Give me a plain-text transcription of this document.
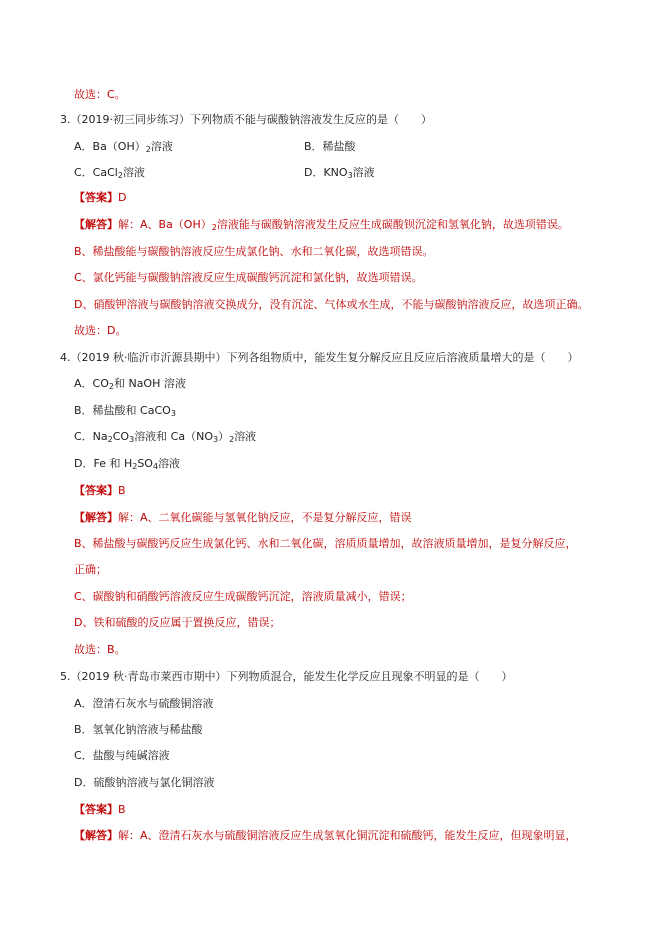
故选：C。
3.（2019·初三同步练习）下列物质不能与碳酸钠溶液发生反应的是（　　）
A．$Ba(OH)_2$溶液	B．稀盐酸
C．CaCl$_2$溶液	D．$KNO_3$溶液
【答案】D
【解答】解：A、$Ba(OH)_2$溶液能与碳酸钠溶液发生反应生成碳酸钡沉淀和氢氧化钠，故选项错误。
B、稀盐酸能与碳酸钠溶液反应生成氯化钠、水和二氧化碳，故选项错误。
C、氯化钙能与碳酸钠溶液反应生成碳酸钙沉淀和氯化钠，故选项错误。
D、硝酸钾溶液与碳酸钠溶液交换成分，没有沉淀、气体或水生成，不能与碳酸钠溶液反应，故选项正确。
故选：D。
4.（2019 秋·临沂市沂源县期中）下列各组物质中，能发生复分解反应且反应后溶液质量增大的是（　　）
A．$CO_2$和 NaOH 溶液
B．稀盐酸和 CaCO$_3$
C．$Na_2CO_3$溶液和 $Ca(NO_3)_2$溶液
D．Fe 和 $H_2SO_4$溶液
【答案】B
【解答】解：A、二氧化碳能与氢氧化钠反应，不是复分解反应，错误
B、稀盐酸与碳酸钙反应生成氯化钙、水和二氧化碳，溶质质量增加，故溶液质量增加，是复分解反应，
正确；
C、碳酸钠和硝酸钙溶液反应生成碳酸钙沉淀，溶液质量减小，错误；
D、铁和硫酸的反应属于置换反应，错误；
故选：B。
5.（2019 秋·青岛市莱西市期中）下列物质混合，能发生化学反应且现象不明显的是（　　）
A．澄清石灰水与硫酸铜溶液
B．氢氧化钠溶液与稀盐酸
C．盐酸与纯碱溶液
D．硫酸钠溶液与氯化铜溶液
【答案】B
【解答】解：A、澄清石灰水与硫酸铜溶液反应生成氢氧化铜沉淀和硫酸钙，能发生反应，但现象明显，
